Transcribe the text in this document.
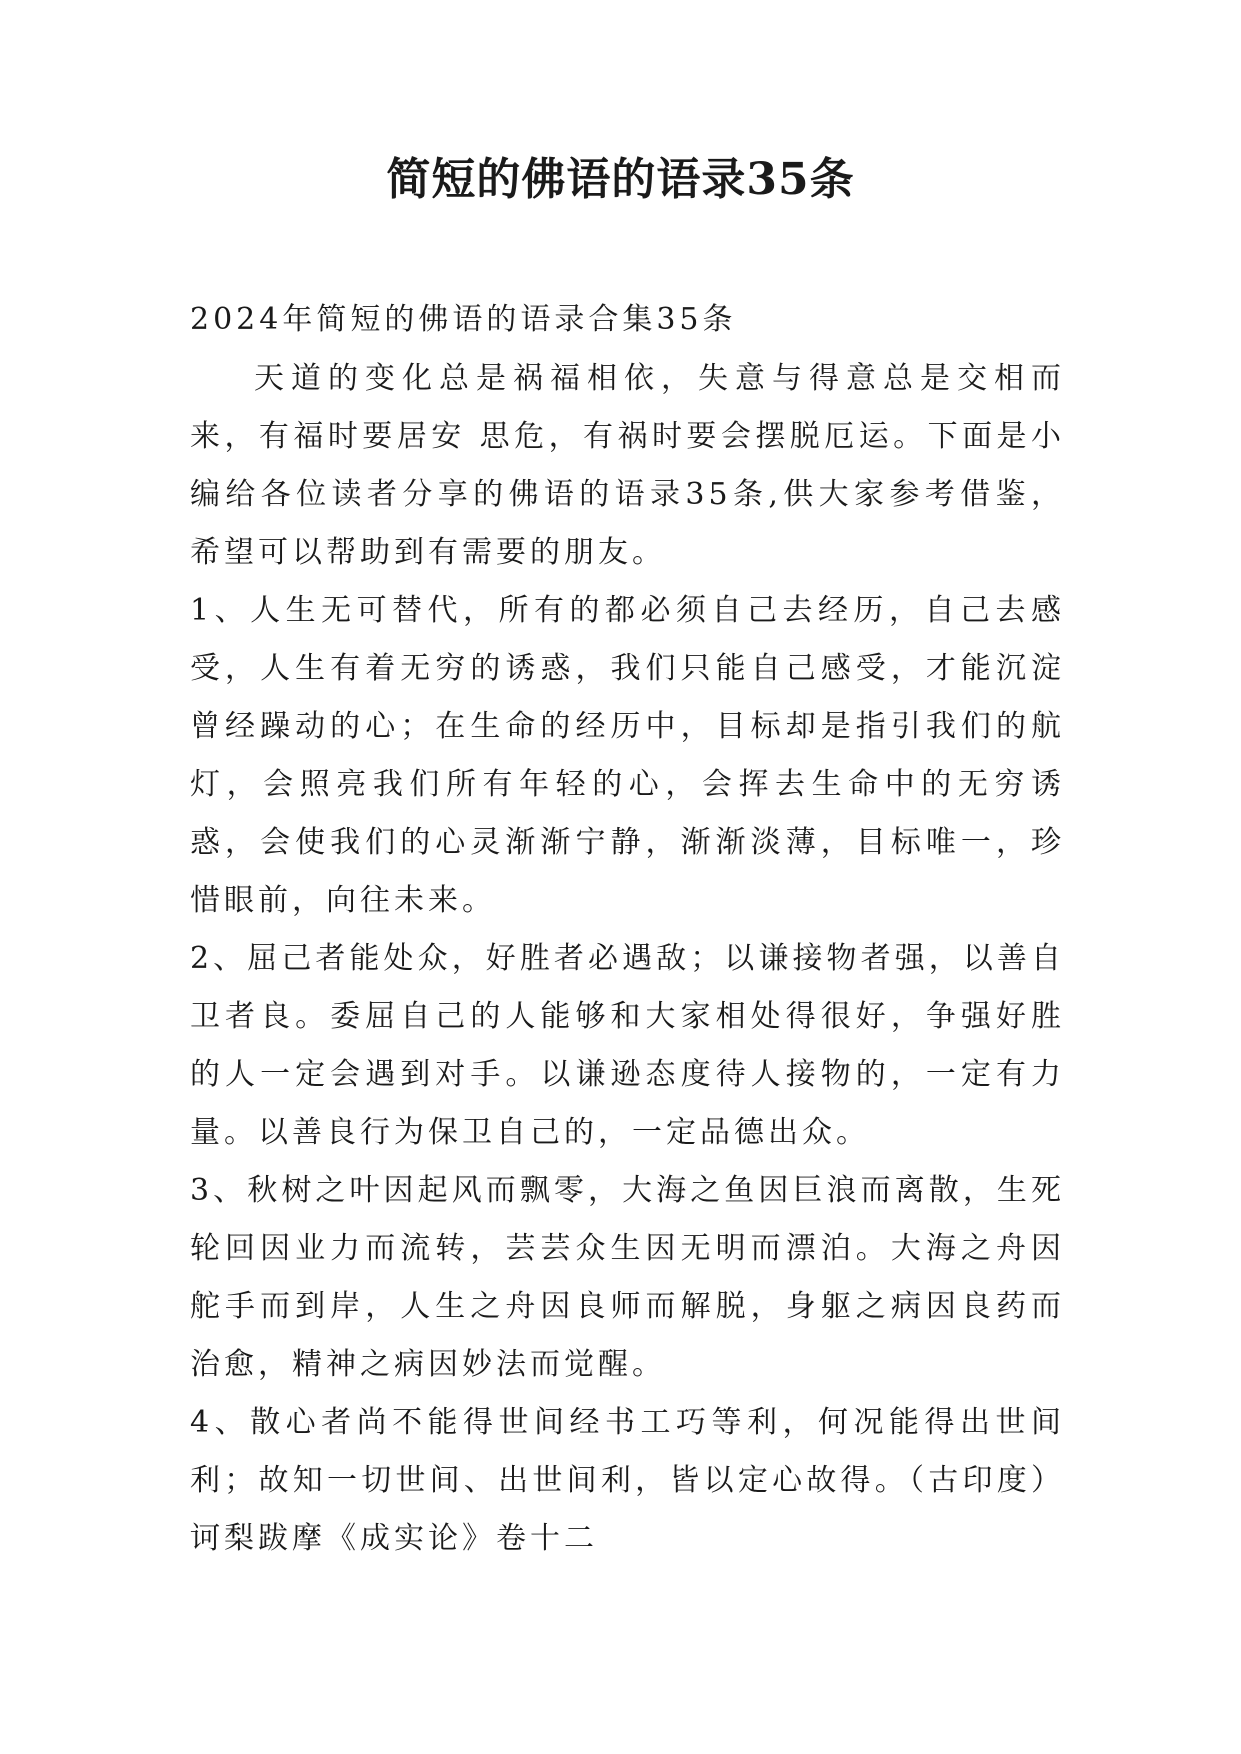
简短的佛语的语录35条

2024年简短的佛语的语录合集35条

天道的变化总是祸福相依，失意与得意总是交相而来，有福时要居安 思危，有祸时要会摆脱厄运。下面是小编给各位读者分享的佛语的语录35条,供大家参考借鉴，希望可以帮助到有需要的朋友。

1、人生无可替代，所有的都必须自己去经历，自己去感受，人生有着无穷的诱惑，我们只能自己感受，才能沉淀曾经躁动的心；在生命的经历中，目标却是指引我们的航灯，会照亮我们所有年轻的心，会挥去生命中的无穷诱惑，会使我们的心灵渐渐宁静，渐渐淡薄，目标唯一，珍惜眼前，向往未来。

2、屈己者能处众，好胜者必遇敌；以谦接物者强，以善自卫者良。委屈自己的人能够和大家相处得很好，争强好胜的人一定会遇到对手。以谦逊态度待人接物的，一定有力量。以善良行为保卫自己的，一定品德出众。

3、秋树之叶因起风而飘零，大海之鱼因巨浪而离散，生死轮回因业力而流转，芸芸众生因无明而漂泊。大海之舟因舵手而到岸，人生之舟因良师而解脱，身躯之病因良药而治愈，精神之病因妙法而觉醒。

4、散心者尚不能得世间经书工巧等利，何况能得出世间利；故知一切世间、出世间利，皆以定心故得。（古印度）诃梨跋摩《成实论》卷十二
